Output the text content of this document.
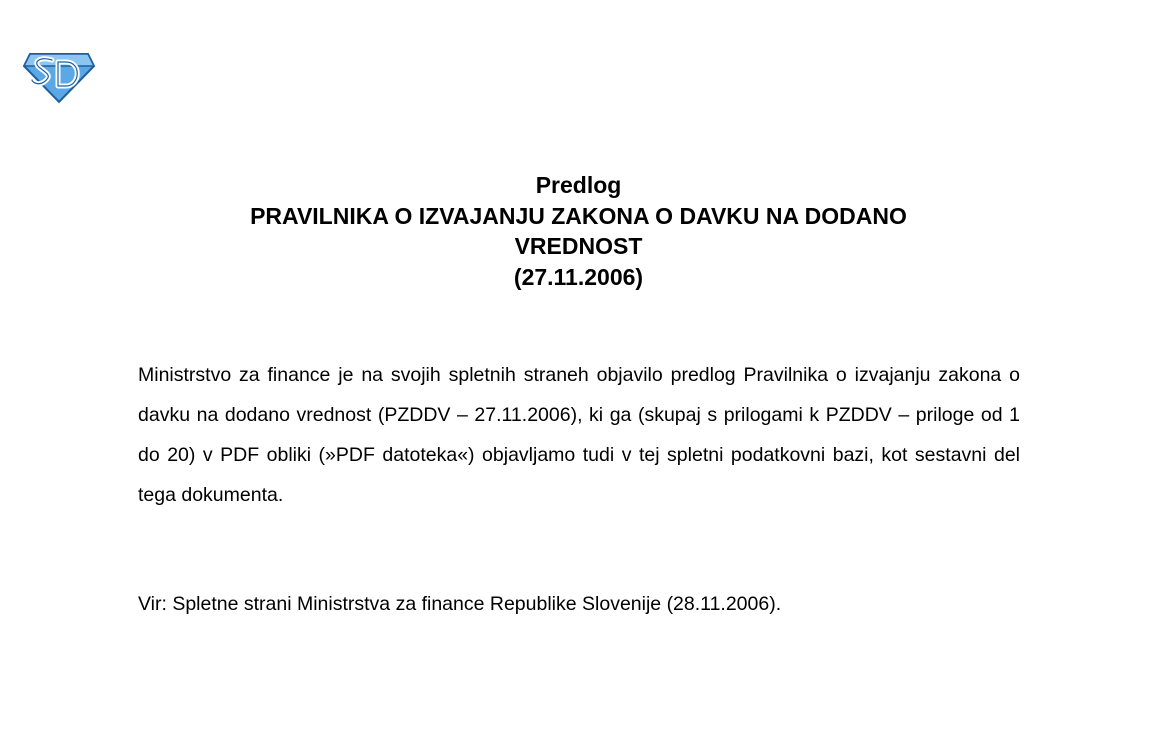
Predlog
PRAVILNIKA O IZVAJANJU ZAKONA O DAVKU NA DODANO
VREDNOST
(27.11.2006)

Ministrstvo za finance je na svojih spletnih straneh objavilo predlog Pravilnika o izvajanju zakona o davku na dodano vrednost (PZDDV – 27.11.2006), ki ga (skupaj s prilogami k PZDDV – priloge od 1 do 20) v PDF obliki (»PDF datoteka«) objavljamo tudi v tej spletni podatkovni bazi, kot sestavni del tega dokumenta.

Vir: Spletne strani Ministrstva za finance Republike Slovenije (28.11.2006).
